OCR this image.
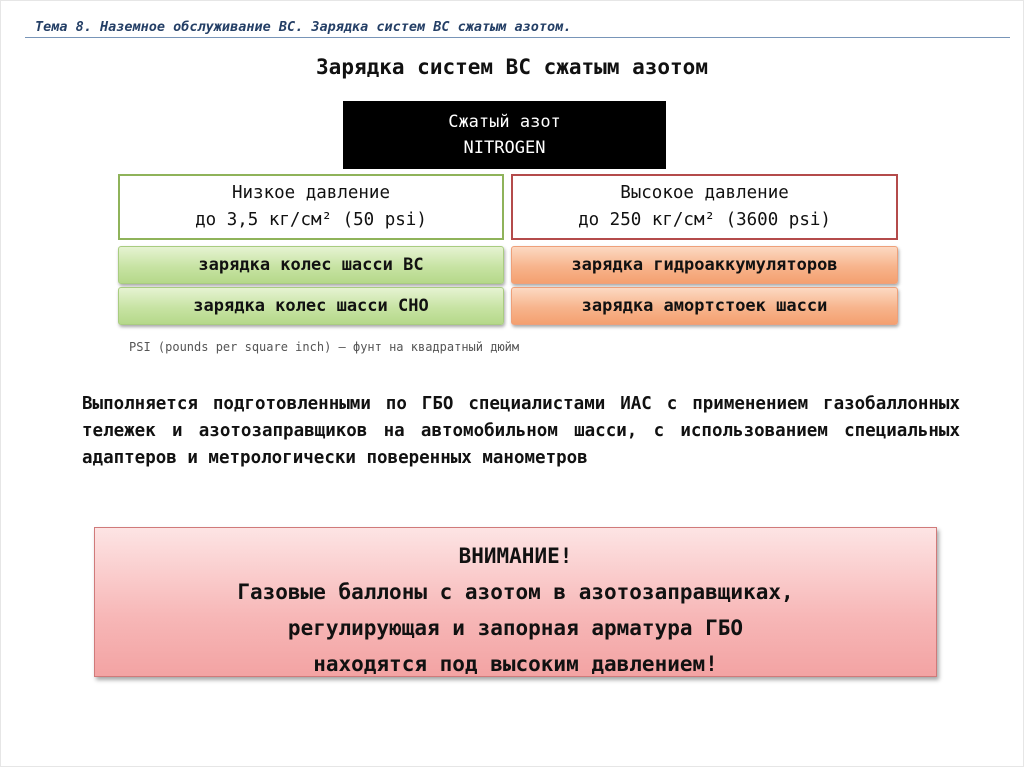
Тема 8. Наземное обслуживание ВС. Зарядка систем ВС сжатым азотом.
Зарядка систем ВС сжатым азотом
Сжатый азот
NITROGEN
Низкое давление
до 3,5 кг/см² (50 psi)
Высокое давление
до 250 кг/см² (3600 psi)
зарядка колес шасси ВС
зарядка колес шасси СНО
зарядка гидроаккумуляторов
зарядка амортстоек шасси
PSI (pounds per square inch) — фунт на квадратный дюйм
Выполняется подготовленными по ГБО специалистами ИАС с применением газобаллонных тележек и азотозаправщиков на автомобильном шасси, с использованием специальных адаптеров и метрологически поверенных манометров
ВНИМАНИЕ!
Газовые баллоны с азотом в азотозаправщиках,
регулирующая и запорная арматура ГБО
находятся под высоким давлением!
